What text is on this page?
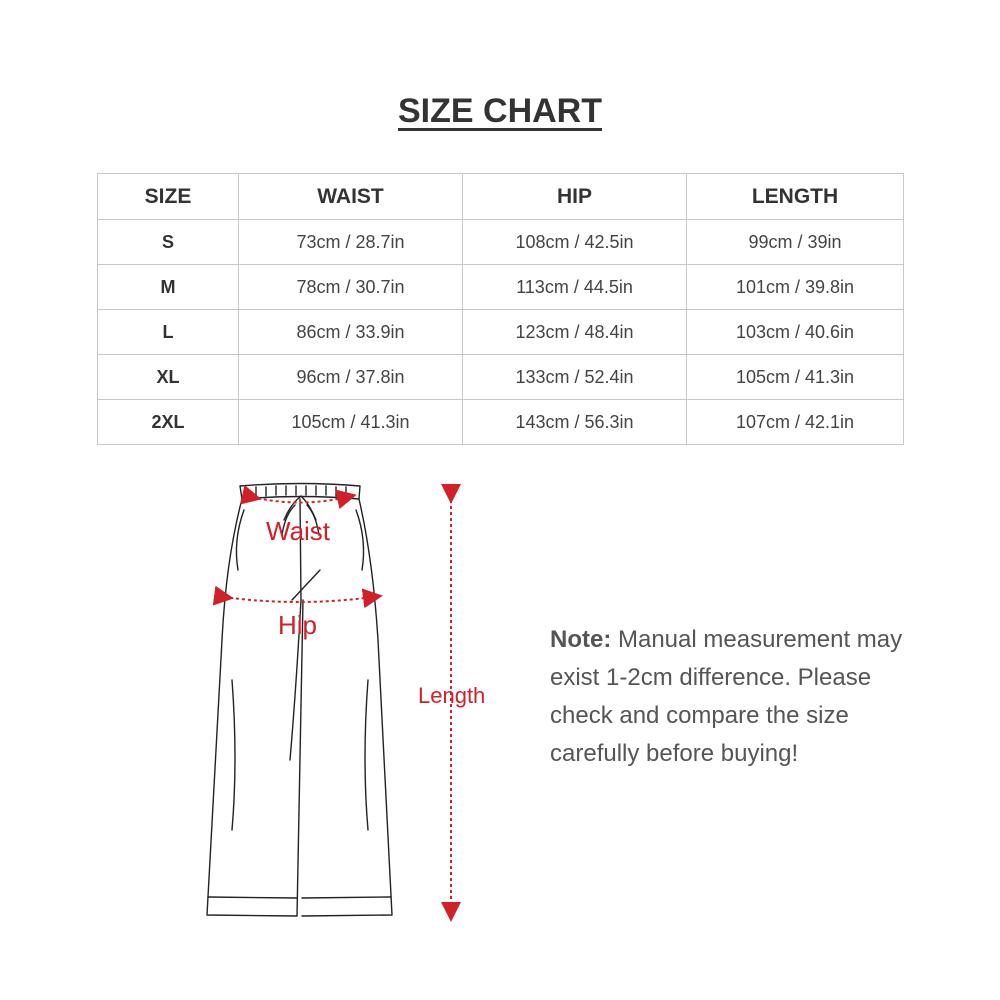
SIZE CHART
SIZE	WAIST	HIP	LENGTH
S	73cm / 28.7in	108cm / 42.5in	99cm / 39in
M	78cm / 30.7in	113cm / 44.5in	101cm / 39.8in
L	86cm / 33.9in	123cm / 48.4in	103cm / 40.6in
XL	96cm / 37.8in	133cm / 52.4in	105cm / 41.3in
2XL	105cm / 41.3in	143cm / 56.3in	107cm / 42.1in
Waist
Hip
Length
Note: Manual measurement may exist 1-2cm difference. Please check and compare the size carefully before buying!
